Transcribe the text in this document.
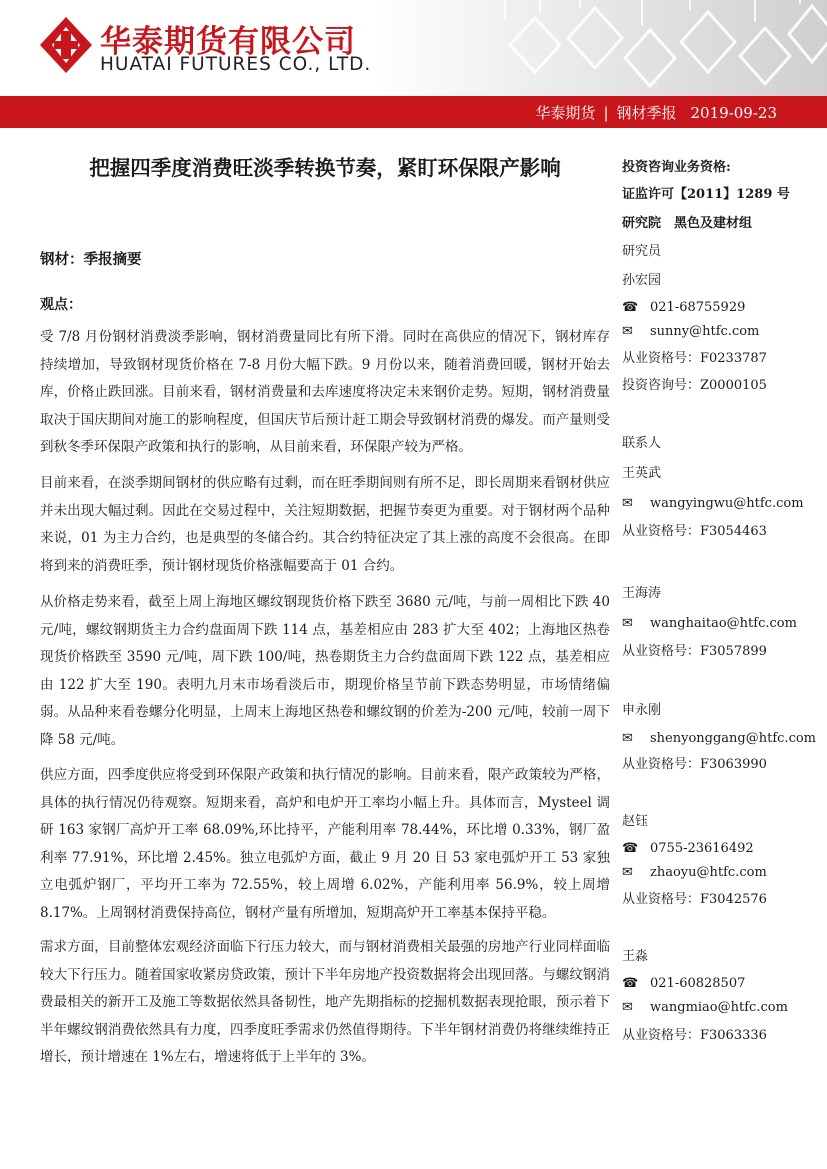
华泰期货有限公司
HUATAI FUTURES CO., LTD.
华泰期货 | 钢材季报 2019-09-23
把握四季度消费旺淡季转换节奏，紧盯环保限产影响
钢材：季报摘要
观点：

受 7/8 月份钢材消费淡季影响，钢材消费量同比有所下滑。同时在高供应的情况下，钢材库存持续增加，导致钢材现货价格在 7-8 月份大幅下跌。9 月份以来，随着消费回暖，钢材开始去库，价格止跌回涨。目前来看，钢材消费量和去库速度将决定未来钢价走势。短期，钢材消费量取决于国庆期间对施工的影响程度，但国庆节后预计赶工期会导致钢材消费的爆发。而产量则受到秋冬季环保限产政策和执行的影响，从目前来看，环保限产较为严格。

目前来看，在淡季期间钢材的供应略有过剩，而在旺季期间则有所不足，即长周期来看钢材供应并未出现大幅过剩。因此在交易过程中，关注短期数据，把握节奏更为重要。对于钢材两个品种来说，01 为主力合约，也是典型的冬储合约。其合约特征决定了其上涨的高度不会很高。在即将到来的消费旺季，预计钢材现货价格涨幅要高于 01 合约。

从价格走势来看，截至上周上海地区螺纹钢现货价格下跌至 3680 元/吨，与前一周相比下跌 40 元/吨，螺纹钢期货主力合约盘面周下跌 114 点，基差相应由 283 扩大至 402；上海地区热卷现货价格跌至 3590 元/吨，周下跌 100/吨，热卷期货主力合约盘面周下跌 122 点，基差相应由 122 扩大至 190。表明九月末市场看淡后市，期现价格呈节前下跌态势明显，市场情绪偏弱。从品种来看卷螺分化明显，上周末上海地区热卷和螺纹钢的价差为-200 元/吨，较前一周下降 58 元/吨。

供应方面，四季度供应将受到环保限产政策和执行情况的影响。目前来看，限产政策较为严格，具体的执行情况仍待观察。短期来看，高炉和电炉开工率均小幅上升。具体而言，Mysteel 调研 163 家钢厂高炉开工率 68.09%,环比持平，产能利用率 78.44%，环比增 0.33%，钢厂盈利率 77.91%，环比增 2.45%。独立电弧炉方面，截止 9 月 20 日 53 家电弧炉开工 53 家独立电弧炉钢厂，平均开工率为 72.55%，较上周增 6.02%，产能利用率 56.9%，较上周增 8.17%。上周钢材消费保持高位，钢材产量有所增加，短期高炉开工率基本保持平稳。

需求方面，目前整体宏观经济面临下行压力较大，而与钢材消费相关最强的房地产行业同样面临较大下行压力。随着国家收紧房贷政策，预计下半年房地产投资数据将会出现回落。与螺纹钢消费最相关的新开工及施工等数据依然具备韧性，地产先期指标的挖掘机数据表现抢眼，预示着下半年螺纹钢消费依然具有力度，四季度旺季需求仍然值得期待。下半年钢材消费仍将继续维持正增长，预计增速在 1%左右，增速将低于上半年的 3%。

投资咨询业务资格:
证监许可【2011】1289 号
研究院　黑色及建材组
研究员
孙宏园
☎ 021-68755929
✉ sunny@htfc.com
从业资格号：F0233787
投资咨询号：Z0000105
联系人
王英武
✉ wangyingwu@htfc.com
从业资格号：F3054463
王海涛
✉ wanghaitao@htfc.com
从业资格号：F3057899
申永刚
✉ shenyonggang@htfc.com
从业资格号：F3063990
赵钰
☎ 0755-23616492
✉ zhaoyu@htfc.com
从业资格号：F3042576
王淼
☎ 021-60828507
✉ wangmiao@htfc.com
从业资格号：F3063336
